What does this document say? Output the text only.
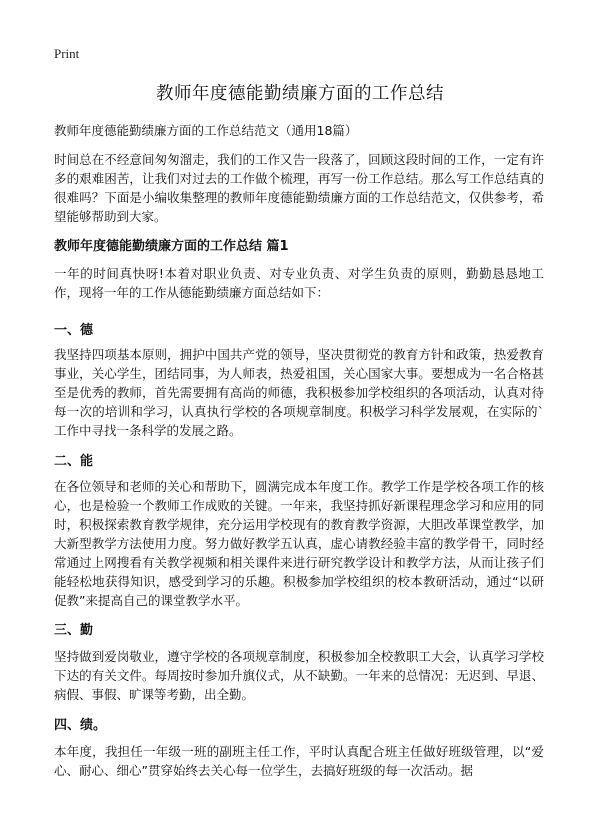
Print
教师年度德能勤绩廉方面的工作总结

教师年度德能勤绩廉方面的工作总结范文（通用18篇）

时间总在不经意间匆匆溜走，我们的工作又告一段落了，回顾这段时间的工作，一定有许多的艰难困苦，让我们对过去的工作做个梳理，再写一份工作总结。那么写工作总结真的很难吗？下面是小编收集整理的教师年度德能勤绩廉方面的工作总结范文，仅供参考，希望能够帮助到大家。

教师年度德能勤绩廉方面的工作总结 篇1

一年的时间真快呀!本着对职业负责、对专业负责、对学生负责的原则，勤勤恳恳地工作，现将一年的工作从德能勤绩廉方面总结如下：

一、德

我坚持四项基本原则，拥护中国共产党的领导，坚决贯彻党的教育方针和政策，热爱教育事业，关心学生，团结同事，为人师表，热爱祖国，关心国家大事。要想成为一名合格甚至是优秀的教师，首先需要拥有高尚的师德，我积极参加学校组织的各项活动，认真对待每一次的培训和学习，认真执行学校的各项规章制度。积极学习科学发展观，在实际的`工作中寻找一条科学的发展之路。

二、能

在各位领导和老师的关心和帮助下，圆满完成本年度工作。教学工作是学校各项工作的核心，也是检验一个教师工作成败的关键。一年来，我坚持抓好新课程理念学习和应用的同时，积极探索教育教学规律，充分运用学校现有的教育教学资源，大胆改革课堂教学，加大新型教学方法使用力度。努力做好教学五认真，虚心请教经验丰富的教学骨干，同时经常通过上网搜看有关教学视频和相关课件来进行研究教学设计和教学方法，从而让孩子们能轻松地获得知识，感受到学习的乐趣。积极参加学校组织的校本教研活动，通过“以研促教”来提高自己的课堂教学水平。

三、勤

坚持做到爱岗敬业，遵守学校的各项规章制度，积极参加全校教职工大会，认真学习学校下达的有关文件。每周按时参加升旗仪式，从不缺勤。一年来的总情况：无迟到、早退、病假、事假、旷课等考勤，出全勤。

四、绩。

本年度，我担任一年级一班的副班主任工作，平时认真配合班主任做好班级管理，以“爱心、耐心、细心”贯穿始终去关心每一位学生，去搞好班级的每一次活动。据
